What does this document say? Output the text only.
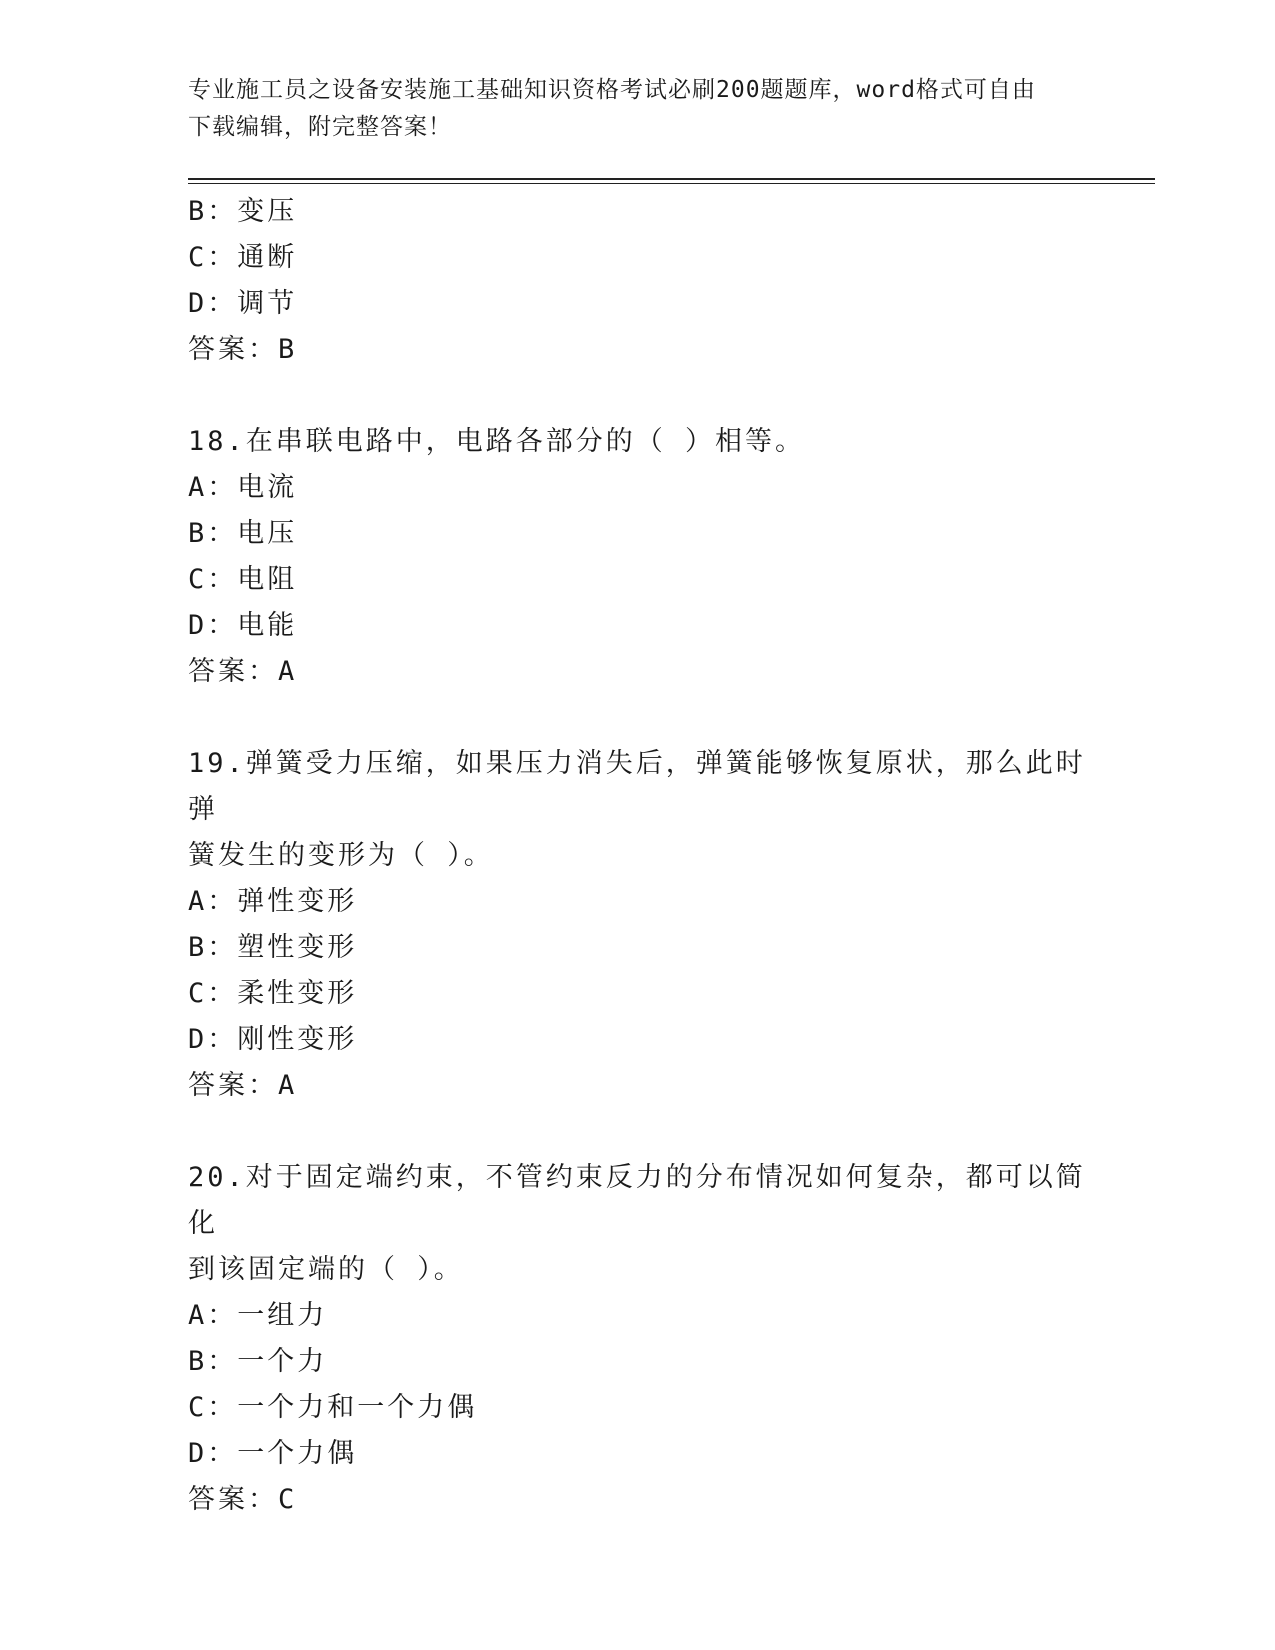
专业施工员之设备安装施工基础知识资格考试必刷200题题库，word格式可自由
下载编辑，附完整答案！
B：变压
C：通断
D：调节
答案：B
18.在串联电路中，电路各部分的（ ）相等。
A：电流
B：电压
C：电阻
D：电能
答案：A
19.弹簧受力压缩，如果压力消失后，弹簧能够恢复原状，那么此时弹
簧发生的变形为（ ）。
A：弹性变形
B：塑性变形
C：柔性变形
D：刚性变形
答案：A
20.对于固定端约束，不管约束反力的分布情况如何复杂，都可以简化
到该固定端的（ ）。
A：一组力
B：一个力
C：一个力和一个力偶
D：一个力偶
答案：C
